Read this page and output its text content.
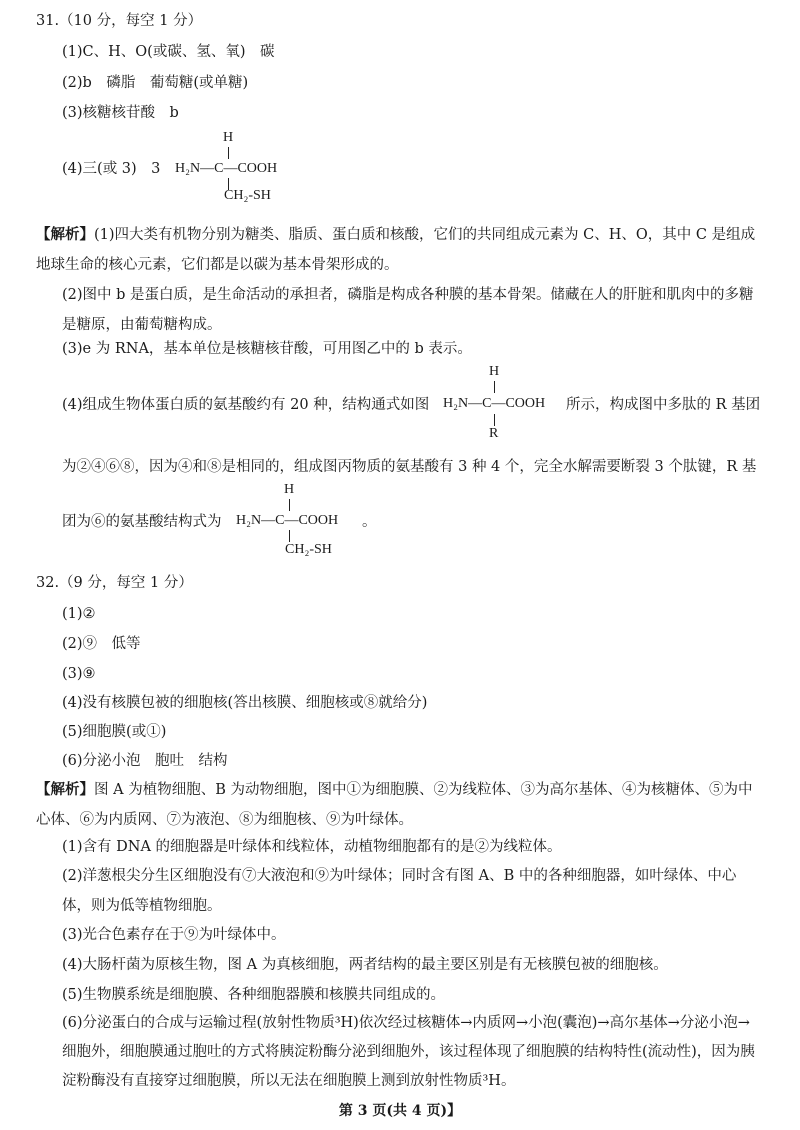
31.（10 分，每空 1 分）
(1)C、H、O(或碳、氢、氧)　碳
(2)b　磷脂　葡萄糖(或单糖)
(3)核糖核苷酸　b
(4)三(或 3)　3
H
H₂N—C—COOH
CH₂-SH
【解析】(1)四大类有机物分别为糖类、脂质、蛋白质和核酸，它们的共同组成元素为 C、H、O，其中 C 是组成地球生命的核心元素，它们都是以碳为基本骨架形成的。
(2)图中 b 是蛋白质，是生命活动的承担者，磷脂是构成各种膜的基本骨架。储藏在人的肝脏和肌肉中的多糖是糖原，由葡萄糖构成。
(3)e 为 RNA，基本单位是核糖核苷酸，可用图乙中的 b 表示。
(4)组成生物体蛋白质的氨基酸约有 20 种，结构通式如图
H
H₂N—C—COOH
R
所示，构成图中多肽的 R 基团
为②④⑥⑧，因为④和⑧是相同的，组成图丙物质的氨基酸有 3 种 4 个，完全水解需要断裂 3 个肽键，R 基
团为⑥的氨基酸结构式为
H
H₂N—C—COOH
CH₂-SH
。
32.（9 分，每空 1 分）
(1)②
(2)⑨　低等
(3)⑨
(4)没有核膜包被的细胞核(答出核膜、细胞核或⑧就给分)
(5)细胞膜(或①)
(6)分泌小泡　胞吐　结构
【解析】图 A 为植物细胞、B 为动物细胞，图中①为细胞膜、②为线粒体、③为高尔基体、④为核糖体、⑤为中心体、⑥为内质网、⑦为液泡、⑧为细胞核、⑨为叶绿体。
(1)含有 DNA 的细胞器是叶绿体和线粒体，动植物细胞都有的是②为线粒体。
(2)洋葱根尖分生区细胞没有⑦大液泡和⑨为叶绿体；同时含有图 A、B 中的各种细胞器，如叶绿体、中心体，则为低等植物细胞。
(3)光合色素存在于⑨为叶绿体中。
(4)大肠杆菌为原核生物，图 A 为真核细胞，两者结构的最主要区别是有无核膜包被的细胞核。
(5)生物膜系统是细胞膜、各种细胞器膜和核膜共同组成的。
(6)分泌蛋白的合成与运输过程(放射性物质³H)依次经过核糖体→内质网→小泡(囊泡)→高尔基体→分泌小泡→细胞外，细胞膜通过胞吐的方式将胰淀粉酶分泌到细胞外，该过程体现了细胞膜的结构特性(流动性)，因为胰淀粉酶没有直接穿过细胞膜，所以无法在细胞膜上测到放射性物质³H。
第 3 页(共 4 页)】
